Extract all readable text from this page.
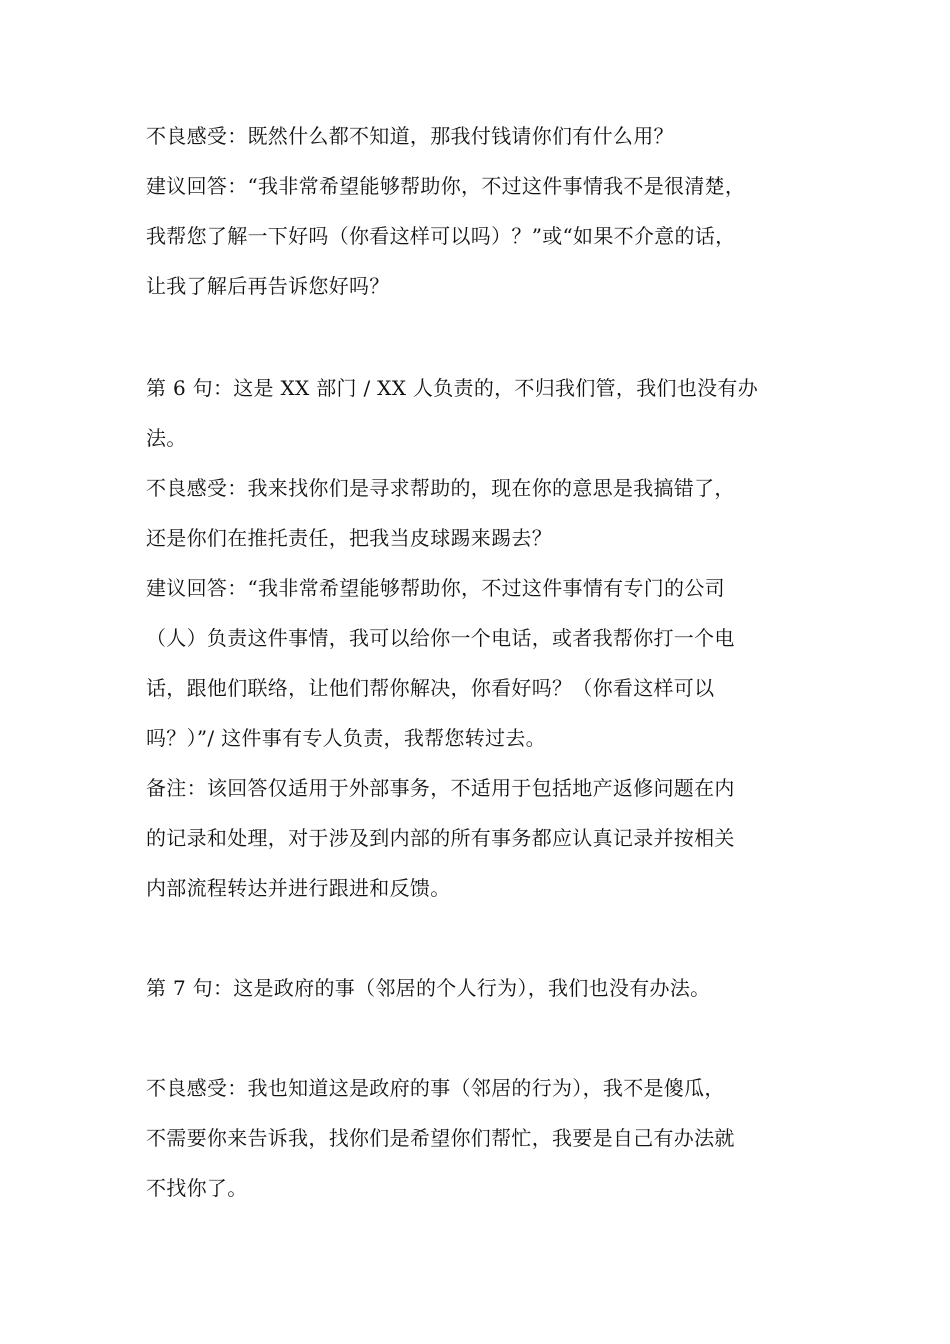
不良感受：既然什么都不知道，那我付钱请你们有什么用？
建议回答：“我非常希望能够帮助你，不过这件事情我不是很清楚，
我帮您了解一下好吗（你看这样可以吗）？”或“如果不介意的话，
让我了解后再告诉您好吗？
第 6 句：这是 XX 部门 / XX 人负责的，不归我们管，我们也没有办
法。
不良感受：我来找你们是寻求帮助的，现在你的意思是我搞错了，
还是你们在推托责任，把我当皮球踢来踢去？
建议回答：“我非常希望能够帮助你，不过这件事情有专门的公司
（人）负责这件事情，我可以给你一个电话，或者我帮你打一个电
话，跟他们联络，让他们帮你解决，你看好吗？（你看这样可以
吗？）”/ 这件事有专人负责，我帮您转过去。
备注：该回答仅适用于外部事务，不适用于包括地产返修问题在内
的记录和处理，对于涉及到内部的所有事务都应认真记录并按相关
内部流程转达并进行跟进和反馈。
第 7 句：这是政府的事（邻居的个人行为），我们也没有办法。
不良感受：我也知道这是政府的事（邻居的行为），我不是傻瓜，
不需要你来告诉我，找你们是希望你们帮忙，我要是自己有办法就
不找你了。
